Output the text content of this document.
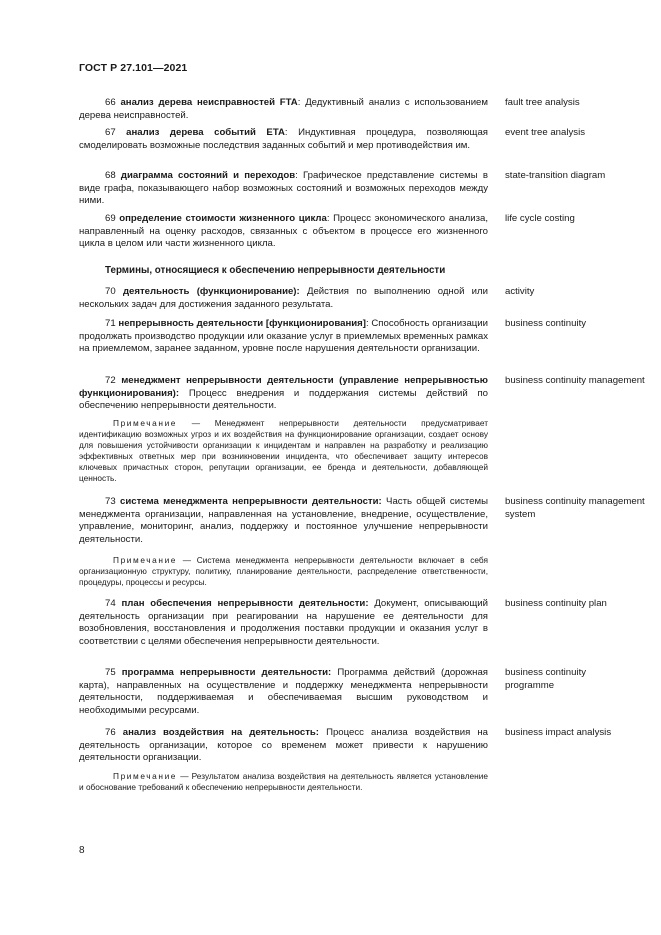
ГОСТ Р 27.101—2021
66 анализ дерева неисправностей FTA: Дедуктивный анализ с использованием дерева неисправностей.
fault tree analysis
67 анализ дерева событий ETA: Индуктивная процедура, позволяющая смоделировать возможные последствия заданных событий и мер противодействия им.
event tree analysis
68 диаграмма состояний и переходов: Графическое представление системы в виде графа, показывающего набор возможных состояний и возможных переходов между ними.
state-transition diagram
69 определение стоимости жизненного цикла: Процесс экономического анализа, направленный на оценку расходов, связанных с объектом в процессе его жизненного цикла в целом или части жизненного цикла.
life cycle costing
Термины, относящиеся к обеспечению непрерывности деятельности
70 деятельность (функционирование): Действия по выполнению одной или нескольких задач для достижения заданного результата.
activity
71 непрерывность деятельности [функционирования]: Способность организации продолжать производство продукции или оказание услуг в приемлемых временных рамках на приемлемом, заранее заданном, уровне после нарушения деятельности организации.
business continuity
72 менеджмент непрерывности деятельности (управление непрерывностью функционирования): Процесс внедрения и поддержания системы действий по обеспечению непрерывности деятельности.
business continuity management
Примечание — Менеджмент непрерывности деятельности предусматривает идентификацию возможных угроз и их воздействия на функционирование организации, создает основу для повышения устойчивости организации к инцидентам и направлен на разработку и реализацию эффективных ответных мер при возникновении инцидента, что обеспечивает защиту интересов ключевых причастных сторон, репутации организации, ее бренда и деятельности, добавляющей ценность.
73 система менеджмента непрерывности деятельности: Часть общей системы менеджмента организации, направленная на установление, внедрение, осуществление, управление, мониторинг, анализ, поддержку и постоянное улучшение непрерывности деятельности.
business continuity management system
Примечание — Система менеджмента непрерывности деятельности включает в себя организационную структуру, политику, планирование деятельности, распределение ответственности, процедуры, процессы и ресурсы.
74 план обеспечения непрерывности деятельности: Документ, описывающий деятельность организации при реагировании на нарушение ее деятельности для возобновления, восстановления и продолжения поставки продукции и оказания услуг в соответствии с целями обеспечения непрерывности деятельности.
business continuity plan
75 программа непрерывности деятельности: Программа действий (дорожная карта), направленных на осуществление и поддержку менеджмента непрерывности деятельности, поддерживаемая и обеспечиваемая высшим руководством и необходимыми ресурсами.
business continuity programme
76 анализ воздействия на деятельность: Процесс анализа воздействия на деятельность организации, которое со временем может привести к нарушению деятельности организации.
business impact analysis
Примечание — Результатом анализа воздействия на деятельность является установление и обоснование требований к обеспечению непрерывности деятельности.
8
